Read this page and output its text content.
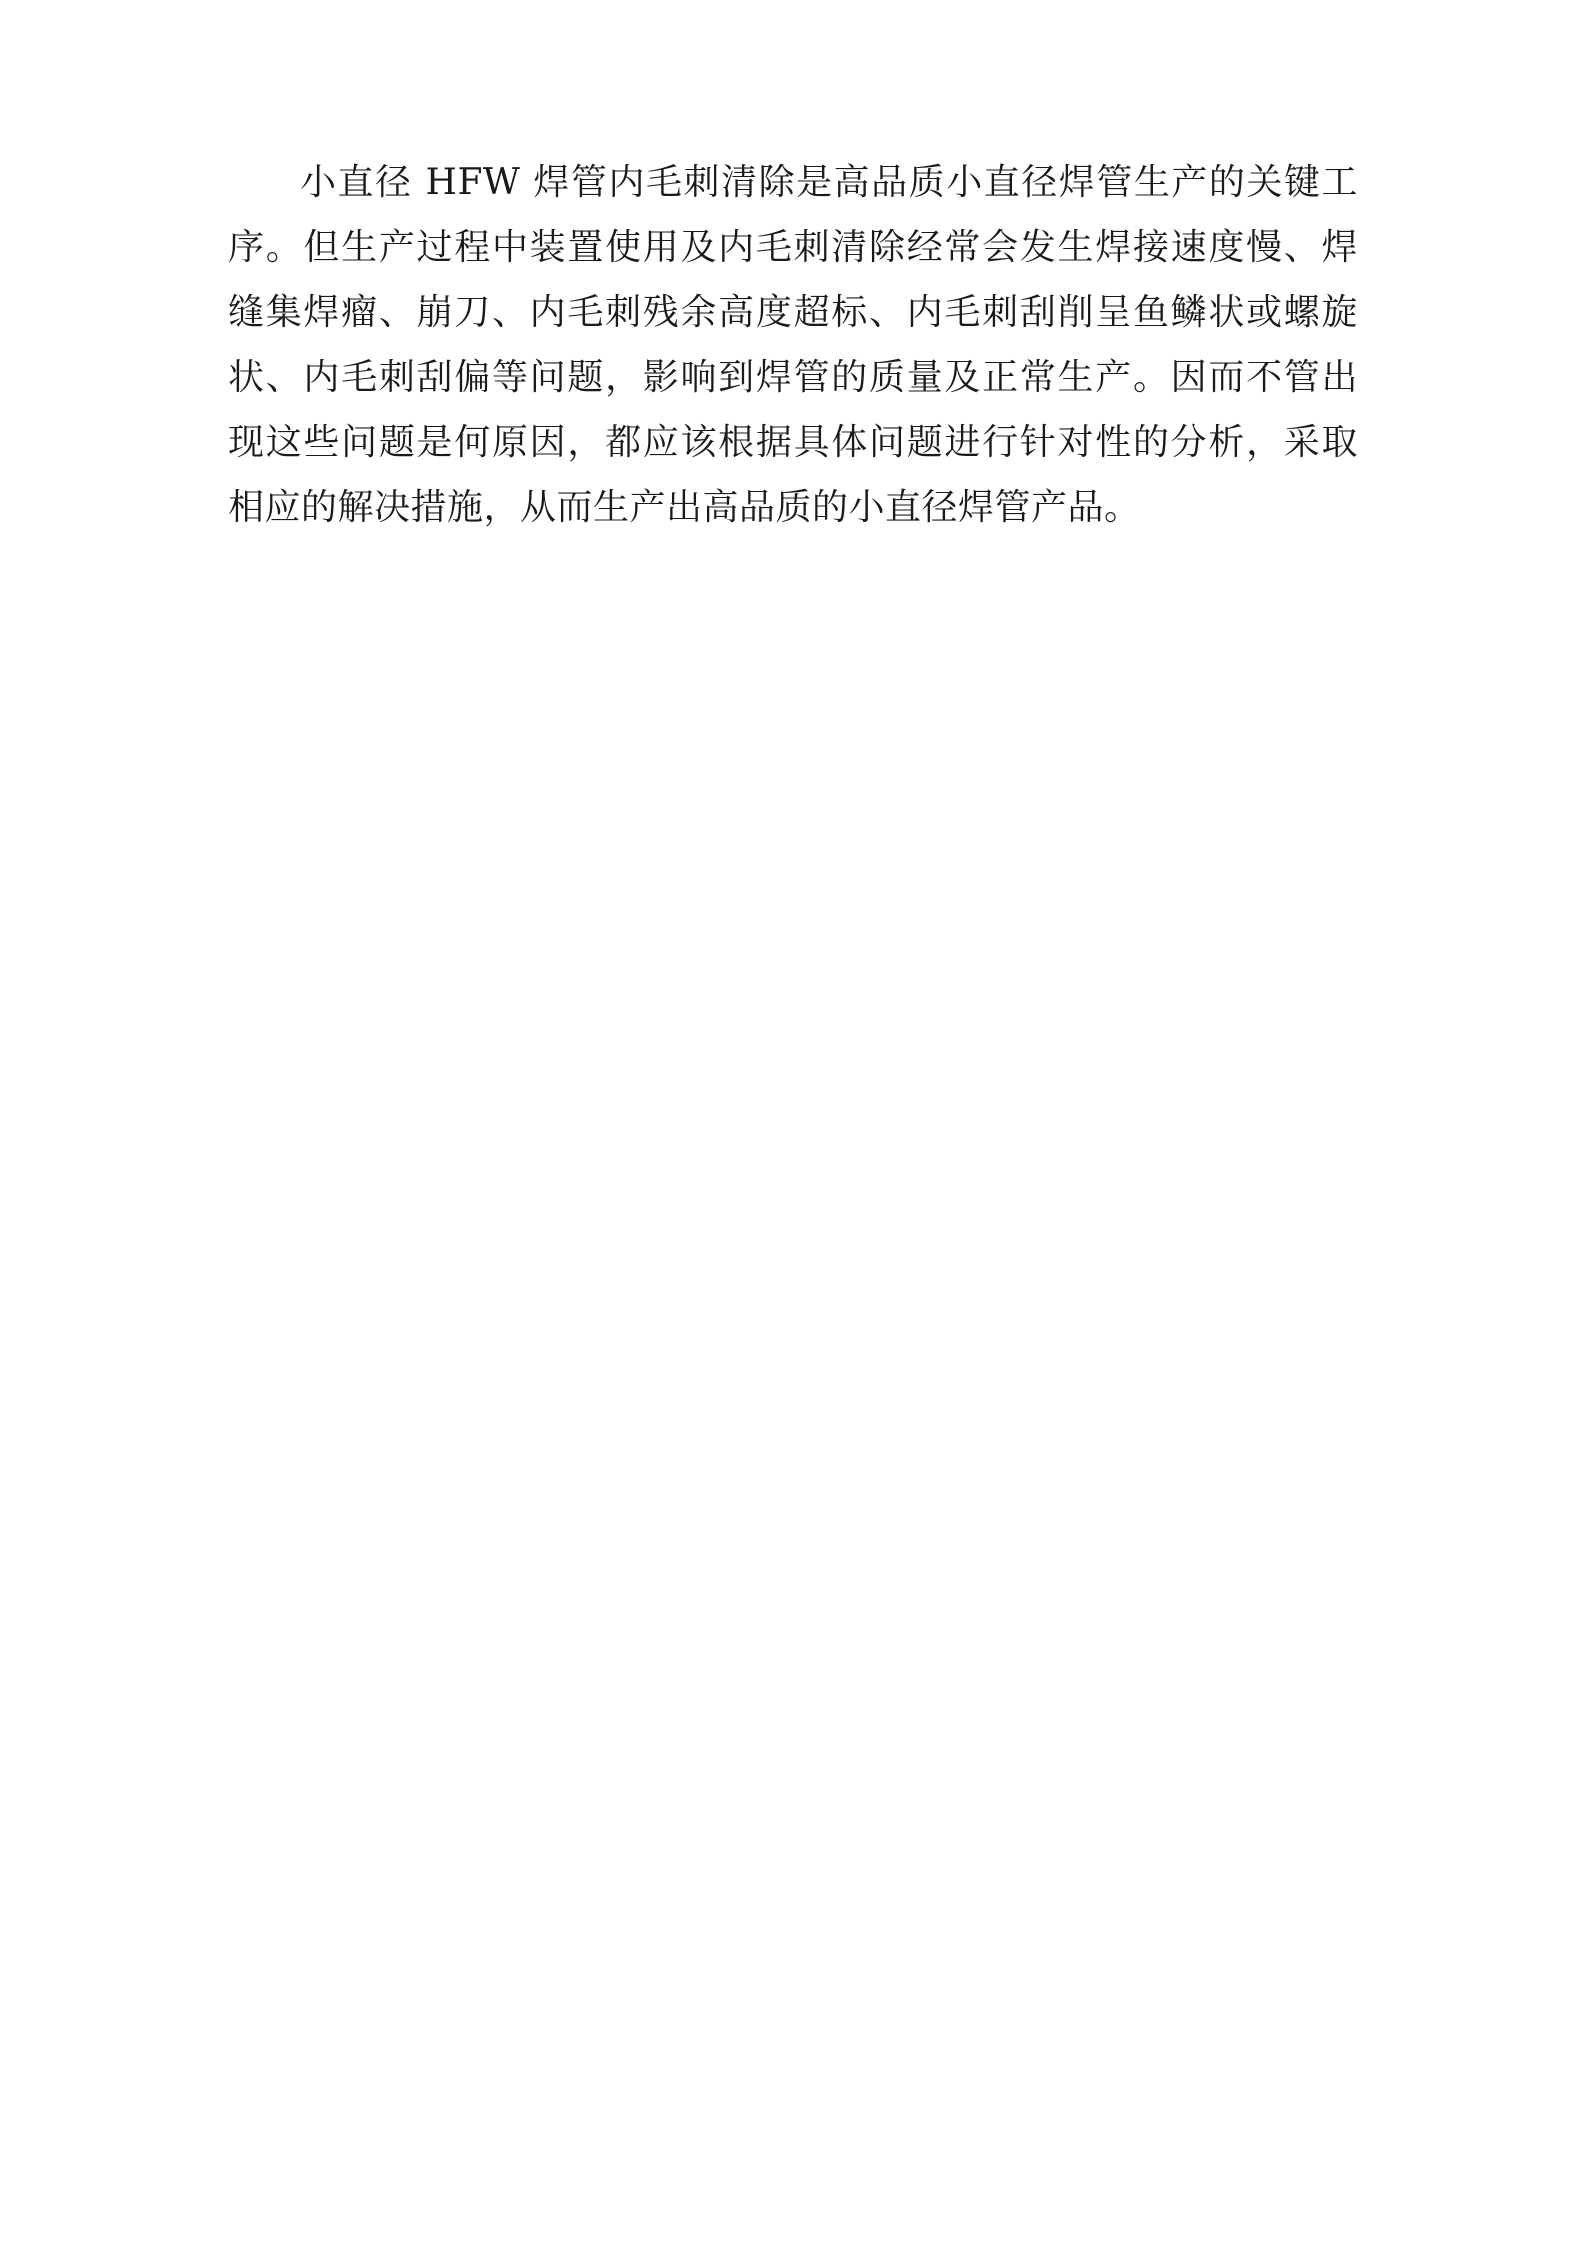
小直径 HFW 焊管内毛刺清除是高品质小直径焊管生产的关键工序。但生产过程中装置使用及内毛刺清除经常会发生焊接速度慢、焊缝集焊瘤、崩刀、内毛刺残余高度超标、内毛刺刮削呈鱼鳞状或螺旋状、内毛刺刮偏等问题，影响到焊管的质量及正常生产。因而不管出现这些问题是何原因，都应该根据具体问题进行针对性的分析，采取相应的解决措施，从而生产出高品质的小直径焊管产品。
